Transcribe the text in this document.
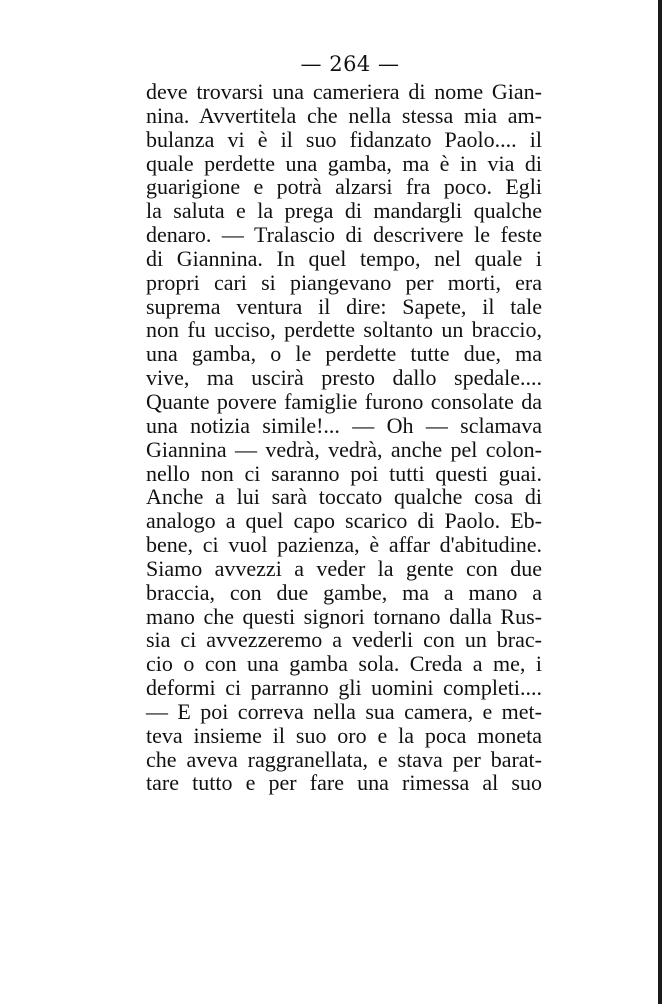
— 264 —
deve trovarsi una cameriera di nome Gian-
nina. Avvertitela che nella stessa mia am-
bulanza vi è il suo fidanzato Paolo.... il
quale perdette una gamba, ma è in via di
guarigione e potrà alzarsi fra poco. Egli
la saluta e la prega di mandargli qualche
denaro. — Tralascio di descrivere le feste
di Giannina. In quel tempo, nel quale i
propri cari si piangevano per morti, era
suprema ventura il dire: Sapete, il tale
non fu ucciso, perdette soltanto un braccio,
una gamba, o le perdette tutte due, ma
vive, ma uscirà presto dallo spedale....
Quante povere famiglie furono consolate da
una notizia simile!... — Oh — sclamava
Giannina — vedrà, vedrà, anche pel colon-
nello non ci saranno poi tutti questi guai.
Anche a lui sarà toccato qualche cosa di
analogo a quel capo scarico di Paolo. Eb-
bene, ci vuol pazienza, è affar d'abitudine.
Siamo avvezzi a veder la gente con due
braccia, con due gambe, ma a mano a
mano che questi signori tornano dalla Rus-
sia ci avvezzeremo a vederli con un brac-
cio o con una gamba sola. Creda a me, i
deformi ci parranno gli uomini completi....
— E poi correva nella sua camera, e met-
teva insieme il suo oro e la poca moneta
che aveva raggranellata, e stava per barat-
tare tutto e per fare una rimessa al suo
